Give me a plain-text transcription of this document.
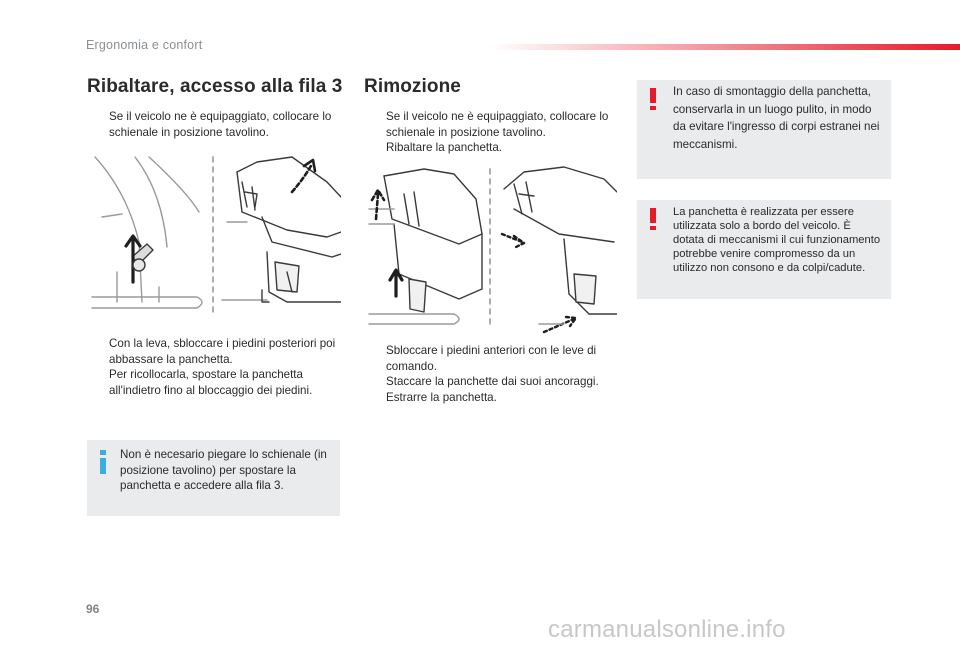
Ergonomia e confort
Ribaltare, accesso alla fila 3
Se il veicolo ne è equipaggiato, collocare lo schienale in posizione tavolino.
Con la leva, sbloccare i piedini posteriori poi abbassare la panchetta.
Per ricollocarla, spostare la panchetta all'indietro fino al bloccaggio dei piedini.

Non è necesario piegare lo schienale (in posizione tavolino) per spostare la panchetta e accedere alla fila 3.

Rimozione
Se il veicolo ne è equipaggiato, collocare lo schienale in posizione tavolino.
Ribaltare la panchetta.
Sbloccare i piedini anteriori con le leve di comando.
Staccare la panchette dai suoi ancoraggi.
Estrarre la panchetta.

In caso di smontaggio della panchetta, conservarla in un luogo pulito, in modo da evitare l'ingresso di corpi estranei nei meccanismi.

La panchetta è realizzata per essere utilizzata solo a bordo del veicolo. È dotata di meccanismi il cui funzionamento potrebbe venire compromesso da un utilizzo non consono e da colpi/cadute.

96
carmanualsonline.info
